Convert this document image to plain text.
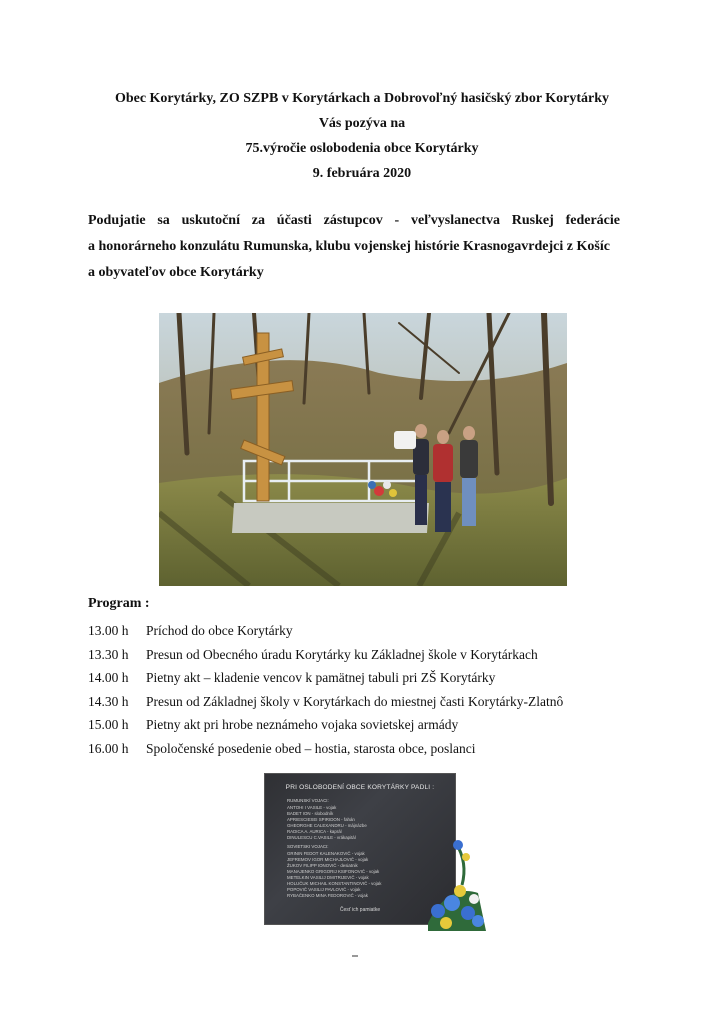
Obec Korytárky, ZO SZPB v Korytárkach a Dobrovoľný hasičský zbor Korytárky
Vás pozýva na
75.výročie oslobodenia obce Korytárky
9. februára 2020
Podujatie sa uskutoční za účasti zástupcov - veľvyslanectva Ruskej federácie
a honorárneho konzulátu Rumunska, klubu vojenskej histórie Krasnogavrdejci z Košíc
a obyvateľov obce Korytárky
Program :
13.00 h Príchod do obce Korytárky
13.30 h Presun od Obecného úradu Korytárky ku Základnej škole v Korytárkach
14.00 h Pietny akt – kladenie vencov k pamätnej tabuli pri ZŠ Korytárky
14.30 h Presun od Základnej školy v Korytárkach do miestnej časti Korytárky-Zlatnô
15.00 h Pietny akt pri hrobe neznámeho vojaka sovietskej armády
16.00 h Spoločenské posedenie obed – hostia, starosta obce, poslanci
PRI OSLOBODENÍ OBCE KORYTÁRKY PADLI :
RUMUNSKÍ VOJACI:
ANTOHI I VASILE - vojak
BADET ION - slobodník
APRIESCIESEI SPIRIDON - fahán
GHEORGHE CALEXANDRU - májnázbe
RADICA A. AURICA - kaprál
DINULESCU C.VASILE - vrákapitál
SOVIETSKI VOJACI:
GRININ FEDOT KALENAKOVIČ - vojak
JEFREMOV IGOR MICHAJLOVIČ - vojak
ŽUKOV FILIPP IONOVIČ - desiatnik
MANAJENKO GRIGORIJ KSIFONOVIČ - vojak
METELKIN VASILIJ DMITRIJEVIČ - vojak
HOLUČUK MICHAIL KONSTANTINOVIČ - vojak
POPOVIČ VASILIJ PAVLOVIČ - vojak
RYBAČENKO MINA FEDOROVIČ - vojak
Česť ich pamiatke
